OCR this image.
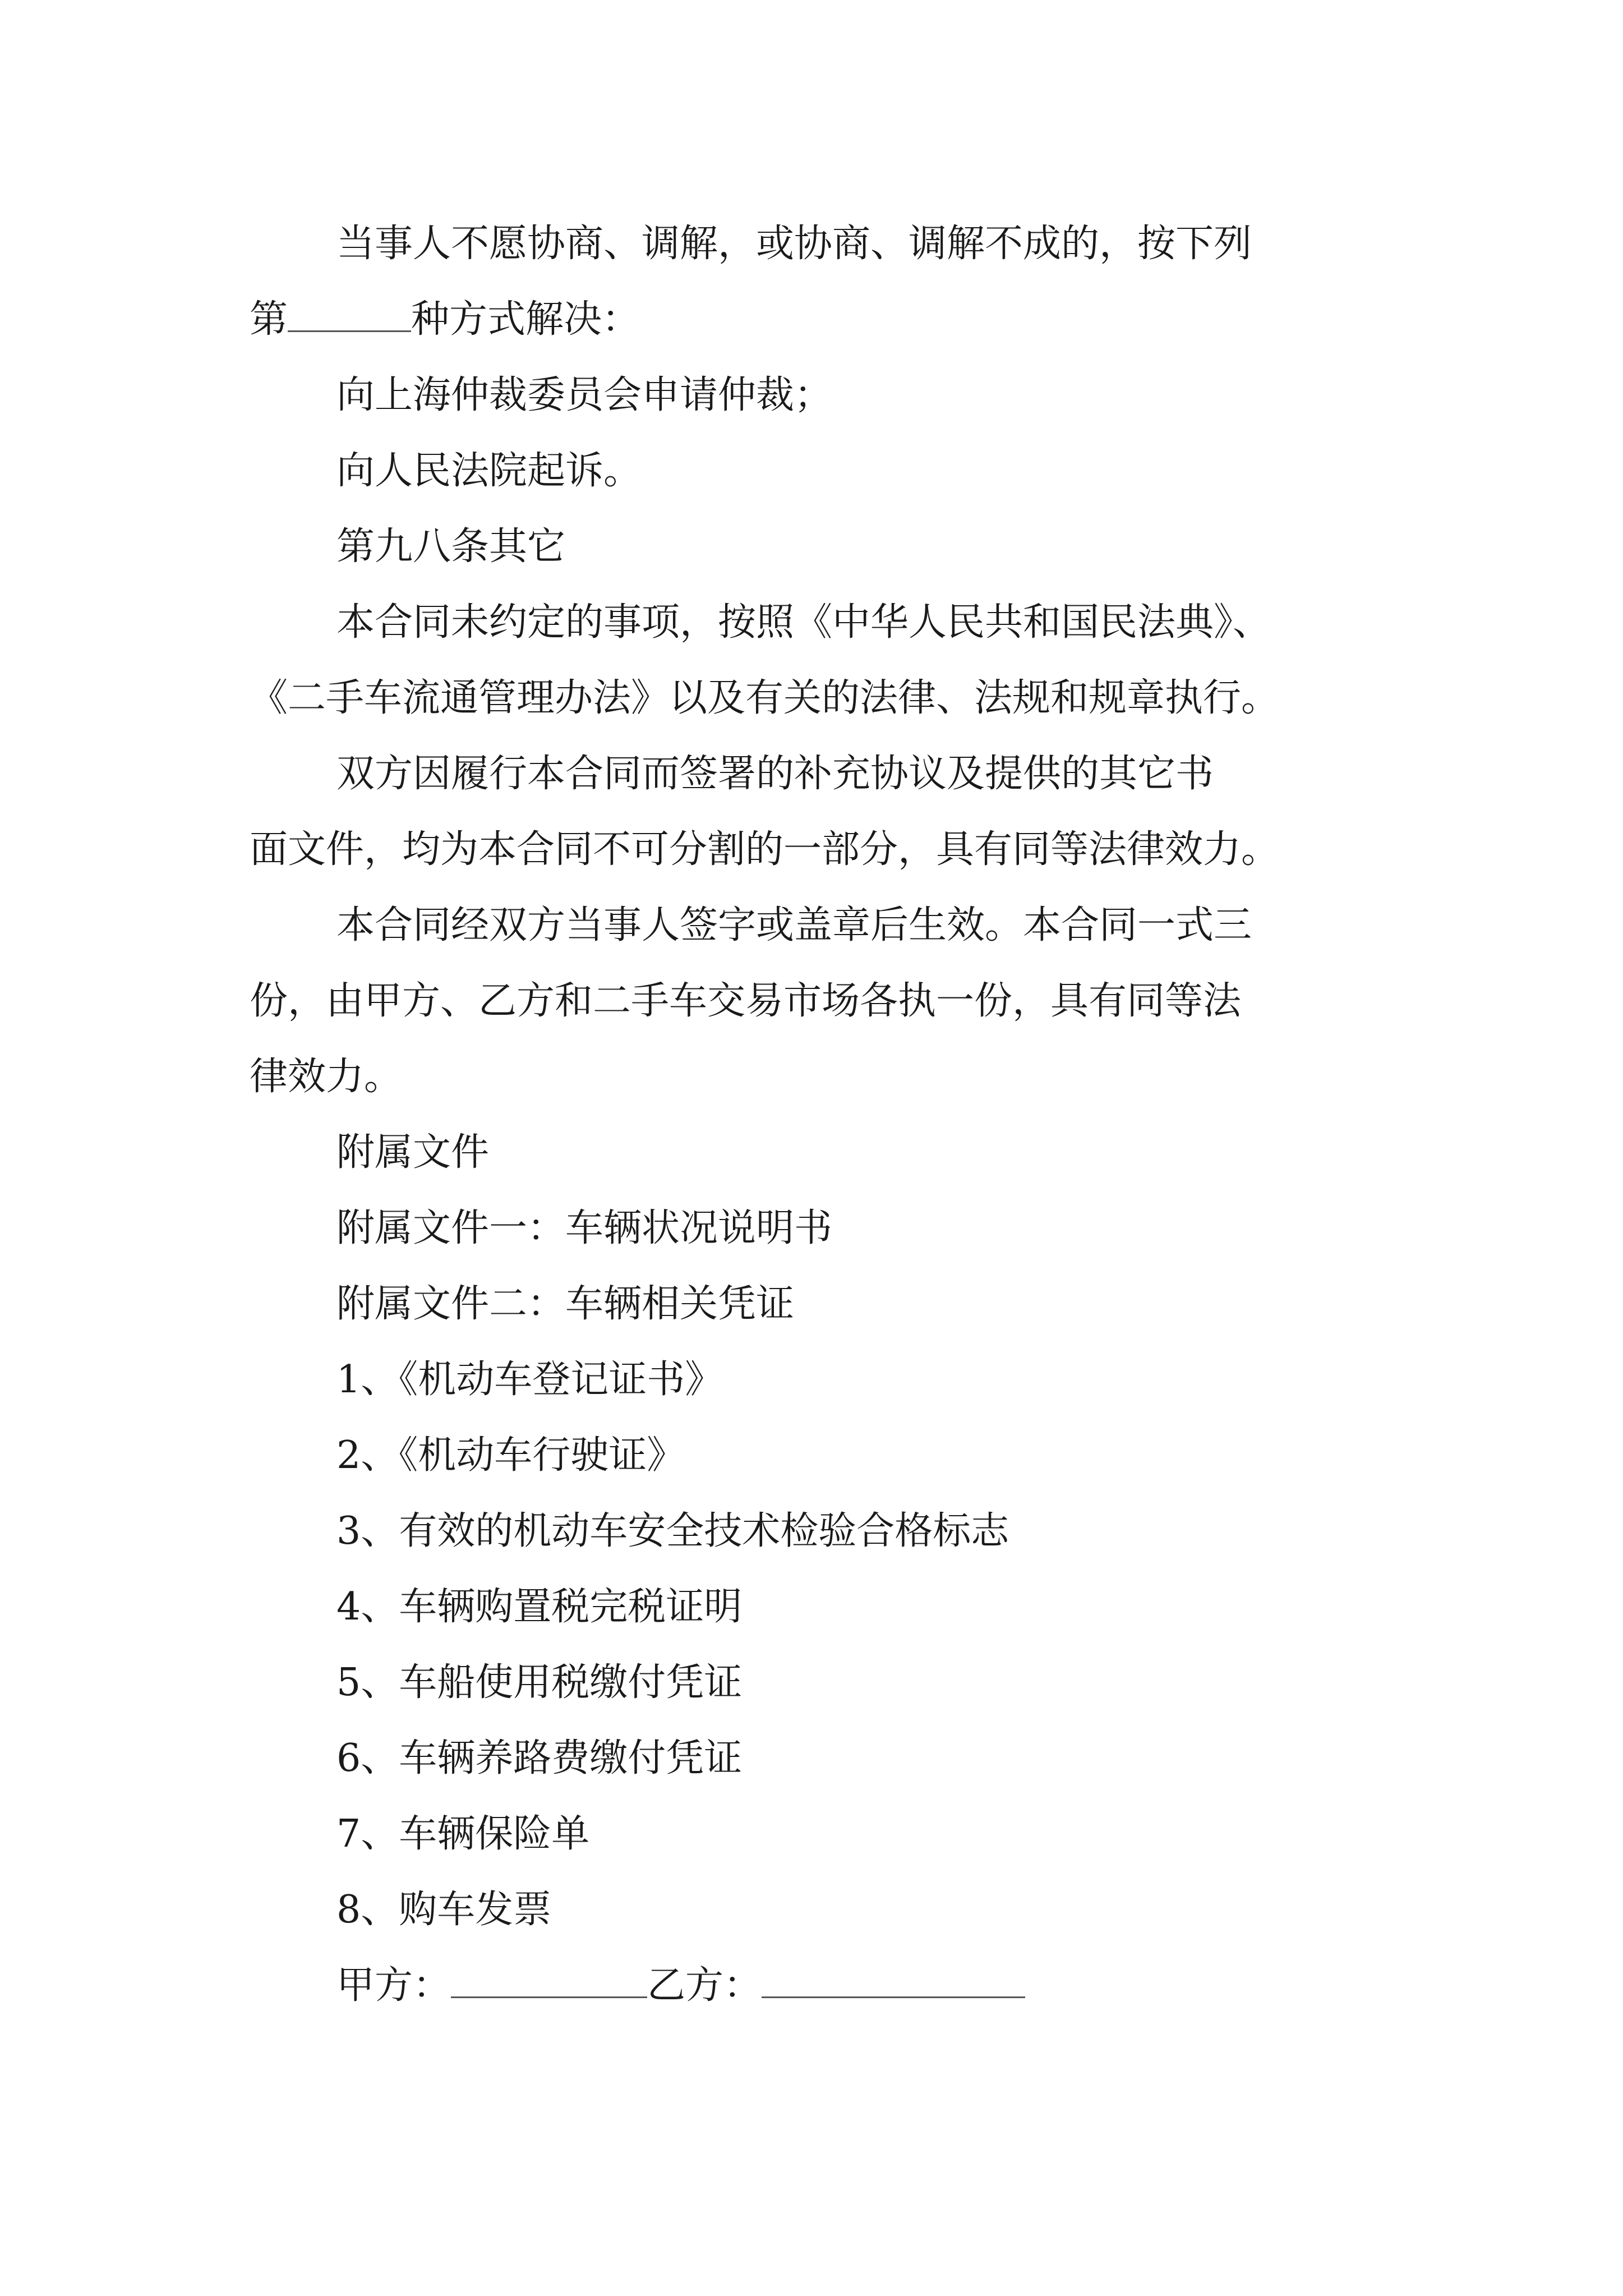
当事人不愿协商、调解，或协商、调解不成的，按下列
第	种方式解决：
向上海仲裁委员会申请仲裁；
向人民法院起诉。
第九八条其它
本合同未约定的事项，按照《中华人民共和国民法典》、
《二手车流通管理办法》以及有关的法律、法规和规章执行。
双方因履行本合同而签署的补充协议及提供的其它书
面文件，均为本合同不可分割的一部分，具有同等法律效力。
本合同经双方当事人签字或盖章后生效。本合同一式三
份，由甲方、乙方和二手车交易市场各执一份，具有同等法
律效力。
附属文件
附属文件一：车辆状况说明书
附属文件二：车辆相关凭证
1、《机动车登记证书》
2、《机动车行驶证》
3、有效的机动车安全技术检验合格标志
4、车辆购置税完税证明
5、车船使用税缴付凭证
6、车辆养路费缴付凭证
7、车辆保险单
8、购车发票
甲方：	乙方：
